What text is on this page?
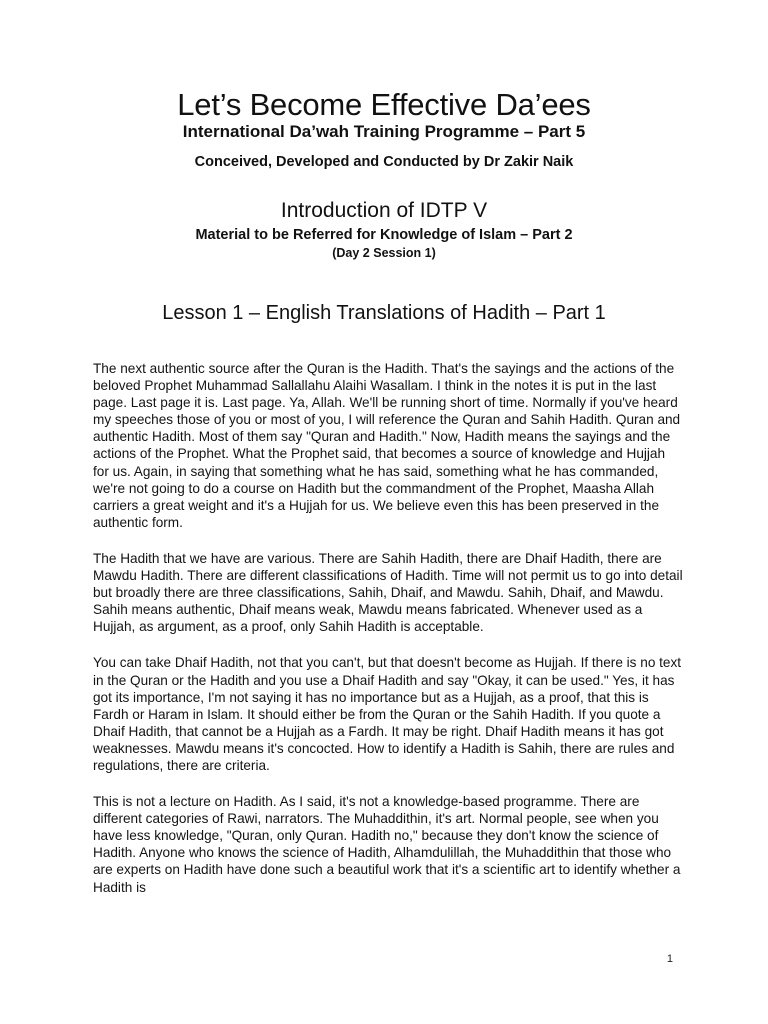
Let’s Become Effective Da’ees
International Da’wah Training Programme – Part 5
Conceived, Developed and Conducted by Dr Zakir Naik
Introduction of IDTP V
Material to be Referred for Knowledge of Islam – Part 2
(Day 2 Session 1)
Lesson 1 – English Translations of Hadith – Part 1

The next authentic source after the Quran is the Hadith. That's the sayings and the actions of the beloved Prophet Muhammad Sallallahu Alaihi Wasallam. I think in the notes it is put in the last page. Last page it is. Last page. Ya, Allah. We'll be running short of time. Normally if you've heard my speeches those of you or most of you, I will reference the Quran and Sahih Hadith. Quran and authentic Hadith. Most of them say "Quran and Hadith." Now, Hadith means the sayings and the actions of the Prophet. What the Prophet said, that becomes a source of knowledge and Hujjah for us. Again, in saying that something what he has said, something what he has commanded, we're not going to do a course on Hadith but the commandment of the Prophet, Maasha Allah carriers a great weight and it's a Hujjah for us. We believe even this has been preserved in the authentic form.

The Hadith that we have are various. There are Sahih Hadith, there are Dhaif Hadith, there are Mawdu Hadith. There are different classifications of Hadith. Time will not permit us to go into detail but broadly there are three classifications, Sahih, Dhaif, and Mawdu. Sahih, Dhaif, and Mawdu. Sahih means authentic, Dhaif means weak, Mawdu means fabricated. Whenever used as a Hujjah, as argument, as a proof, only Sahih Hadith is acceptable.

You can take Dhaif Hadith, not that you can't, but that doesn't become as Hujjah. If there is no text in the Quran or the Hadith and you use a Dhaif Hadith and say "Okay, it can be used." Yes, it has got its importance, I'm not saying it has no importance but as a Hujjah, as a proof, that this is Fardh or Haram in Islam. It should either be from the Quran or the Sahih Hadith. If you quote a Dhaif Hadith, that cannot be a Hujjah as a Fardh. It may be right. Dhaif Hadith means it has got weaknesses. Mawdu means it's concocted. How to identify a Hadith is Sahih, there are rules and regulations, there are criteria.

This is not a lecture on Hadith. As I said, it's not a knowledge-based programme. There are different categories of Rawi, narrators. The Muhaddithin, it's art. Normal people, see when you have less knowledge, "Quran, only Quran. Hadith no," because they don't know the science of Hadith. Anyone who knows the science of Hadith, Alhamdulillah, the Muhaddithin that those who are experts on Hadith have done such a beautiful work that it's a scientific art to identify whether a Hadith is

1
